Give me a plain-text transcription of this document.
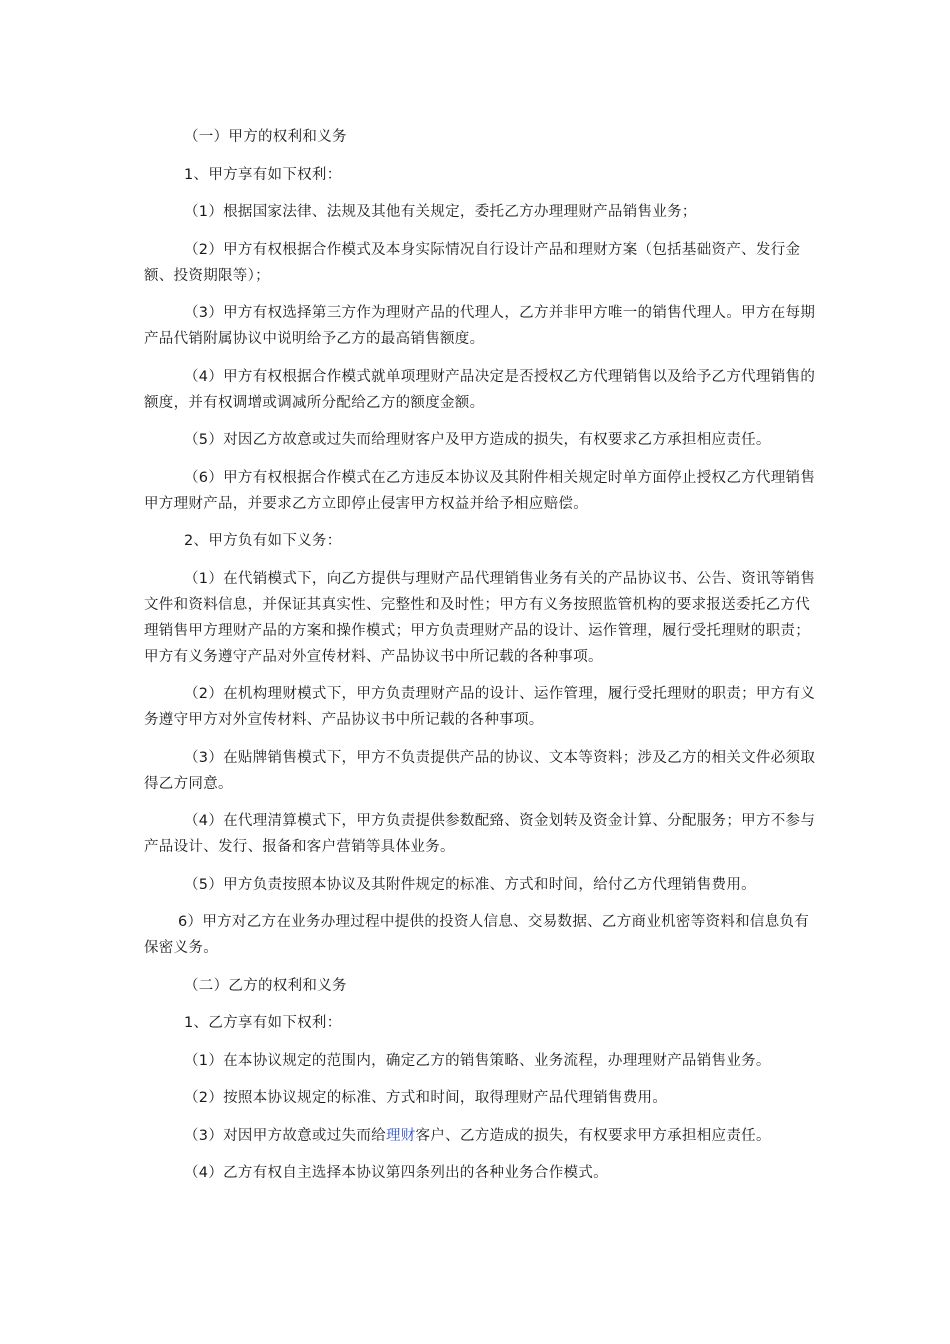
（一）甲方的权利和义务

1、甲方享有如下权利：

（1）根据国家法律、法规及其他有关规定，委托乙方办理理财产品销售业务；

（2）甲方有权根据合作模式及本身实际情况自行设计产品和理财方案（包括基础资产、发行金额、投资期限等）；

（3）甲方有权选择第三方作为理财产品的代理人，乙方并非甲方唯一的销售代理人。甲方在每期产品代销附属协议中说明给予乙方的最高销售额度。

（4）甲方有权根据合作模式就单项理财产品决定是否授权乙方代理销售以及给予乙方代理销售的额度，并有权调增或调减所分配给乙方的额度金额。

（5）对因乙方故意或过失而给理财客户及甲方造成的损失，有权要求乙方承担相应责任。

（6）甲方有权根据合作模式在乙方违反本协议及其附件相关规定时单方面停止授权乙方代理销售甲方理财产品，并要求乙方立即停止侵害甲方权益并给予相应赔偿。

2、甲方负有如下义务：

（1）在代销模式下，向乙方提供与理财产品代理销售业务有关的产品协议书、公告、资讯等销售文件和资料信息，并保证其真实性、完整性和及时性；甲方有义务按照监管机构的要求报送委托乙方代理销售甲方理财产品的方案和操作模式；甲方负责理财产品的设计、运作管理，履行受托理财的职责；甲方有义务遵守产品对外宣传材料、产品协议书中所记载的各种事项。

（2）在机构理财模式下，甲方负责理财产品的设计、运作管理，履行受托理财的职责；甲方有义务遵守甲方对外宣传材料、产品协议书中所记载的各种事项。

（3）在贴牌销售模式下，甲方不负责提供产品的协议、文本等资料；涉及乙方的相关文件必须取得乙方同意。

（4）在代理清算模式下，甲方负责提供参数配臵、资金划转及资金计算、分配服务；甲方不参与产品设计、发行、报备和客户营销等具体业务。

（5）甲方负责按照本协议及其附件规定的标准、方式和时间，给付乙方代理销售费用。

6）甲方对乙方在业务办理过程中提供的投资人信息、交易数据、乙方商业机密等资料和信息负有保密义务。

（二）乙方的权利和义务

1、乙方享有如下权利：

（1）在本协议规定的范围内，确定乙方的销售策略、业务流程，办理理财产品销售业务。

（2）按照本协议规定的标准、方式和时间，取得理财产品代理销售费用。

（3）对因甲方故意或过失而给理财客户、乙方造成的损失，有权要求甲方承担相应责任。

（4）乙方有权自主选择本协议第四条列出的各种业务合作模式。
